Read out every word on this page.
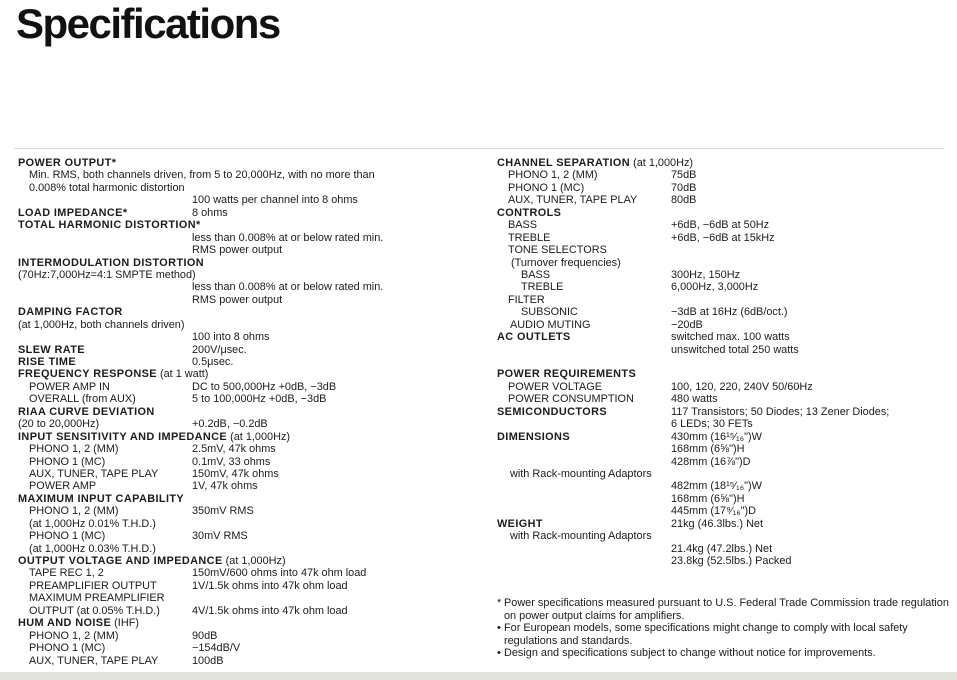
Specifications
POWER OUTPUT*
Min. RMS, both channels driven, from 5 to 20,000Hz, with no more than
0.008% total harmonic distortion
100 watts per channel into 8 ohms
LOAD IMPEDANCE*	8 ohms
TOTAL HARMONIC DISTORTION*
less than 0.008% at or below rated min.
RMS power output
INTERMODULATION DISTORTION
(70Hz:7,000Hz=4:1 SMPTE method)
less than 0.008% at or below rated min.
RMS power output
DAMPING FACTOR
(at 1,000Hz, both channels driven)
100 into 8 ohms
SLEW RATE	200V/μsec.
RISE TIME	0.5μsec.
FREQUENCY RESPONSE (at 1 watt)
POWER AMP IN	DC to 500,000Hz +0dB, −3dB
OVERALL (from AUX)	5 to 100,000Hz +0dB, −3dB
RIAA CURVE DEVIATION
(20 to 20,000Hz)	+0.2dB, −0.2dB
INPUT SENSITIVITY AND IMPEDANCE (at 1,000Hz)
PHONO 1, 2 (MM)	2.5mV, 47k ohms
PHONO 1 (MC)	0.1mV, 33 ohms
AUX, TUNER, TAPE PLAY	150mV, 47k ohms
POWER AMP	1V, 47k ohms
MAXIMUM INPUT CAPABILITY
PHONO 1, 2 (MM)	350mV RMS
(at 1,000Hz 0.01% T.H.D.)
PHONO 1 (MC)	30mV RMS
(at 1,000Hz 0.03% T.H.D.)
OUTPUT VOLTAGE AND IMPEDANCE (at 1,000Hz)
TAPE REC 1, 2	150mV/600 ohms into 47k ohm load
PREAMPLIFIER OUTPUT	1V/1.5k ohms into 47k ohm load
MAXIMUM PREAMPLIFIER
OUTPUT (at 0.05% T.H.D.)	4V/1.5k ohms into 47k ohm load
HUM AND NOISE (IHF)
PHONO 1, 2 (MM)	90dB
PHONO 1 (MC)	−154dB/V
AUX, TUNER, TAPE PLAY	100dB
CHANNEL SEPARATION (at 1,000Hz)
PHONO 1, 2 (MM)	75dB
PHONO 1 (MC)	70dB
AUX, TUNER, TAPE PLAY	80dB
CONTROLS
BASS	+6dB, −6dB at 50Hz
TREBLE	+6dB, −6dB at 15kHz
TONE SELECTORS
(Turnover frequencies)
BASS	300Hz, 150Hz
TREBLE	6,000Hz, 3,000Hz
FILTER
SUBSONIC	−3dB at 16Hz (6dB/oct.)
AUDIO MUTING	−20dB
AC OUTLETS	switched max. 100 watts
unswitched total 250 watts
POWER REQUIREMENTS
POWER VOLTAGE	100, 120, 220, 240V 50/60Hz
POWER CONSUMPTION	480 watts
SEMICONDUCTORS	117 Transistors; 50 Diodes; 13 Zener Diodes;
6 LEDs; 30 FETs
DIMENSIONS	430mm (16¹⁵⁄₁₆")W
168mm (6⅝")H
428mm (16⅞")D
with Rack-mounting Adaptors
482mm (18¹⁵⁄₁₆")W
168mm (6⅝")H
445mm (17⁹⁄₁₆")D
WEIGHT	21kg (46.3lbs.) Net
with Rack-mounting Adaptors
21.4kg (47.2lbs.) Net
23.8kg (52.5lbs.) Packed
* Power specifications measured pursuant to U.S. Federal Trade Commission trade regulation on power output claims for amplifiers.
• For European models, some specifications might change to comply with local safety regulations and standards.
• Design and specifications subject to change without notice for improvements.
